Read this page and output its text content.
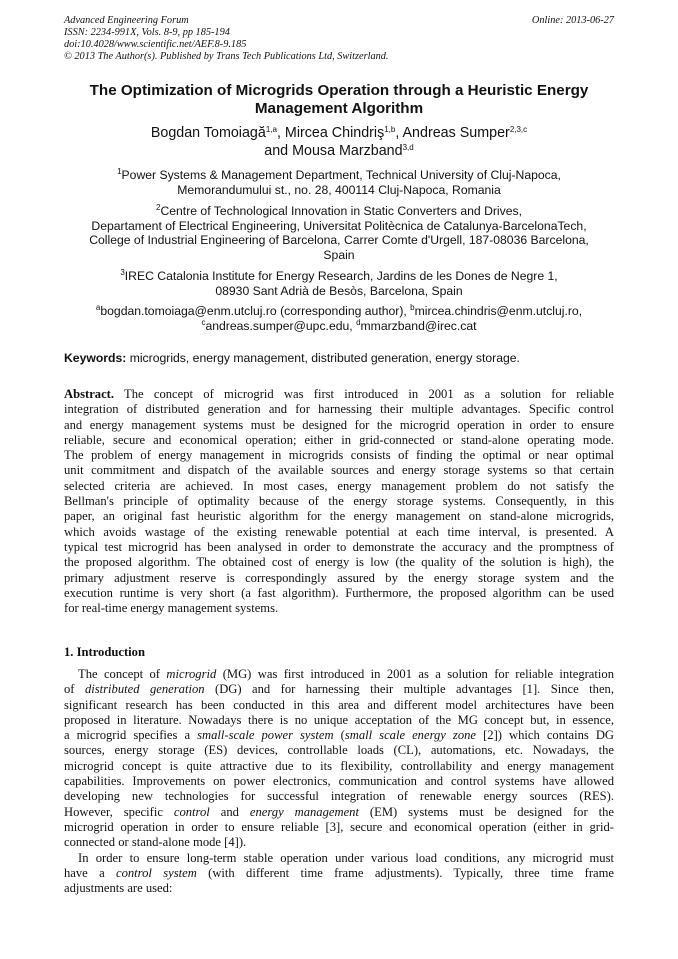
Advanced Engineering Forum
ISSN: 2234-991X, Vols. 8-9, pp 185-194
doi:10.4028/www.scientific.net/AEF.8-9.185
© 2013 The Author(s). Published by Trans Tech Publications Ltd, Switzerland.
Online: 2013-06-27
The Optimization of Microgrids Operation through a Heuristic Energy
Management Algorithm
Bogdan Tomoiagă$^{1,a}$, Mircea Chindriş$^{1,b}$, Andreas Sumper$^{2,3,c}$
and Mousa Marzband$^{3,d}$
$^1$Power Systems & Management Department, Technical University of Cluj-Napoca,
Memorandumului st., no. 28, 400114 Cluj-Napoca, Romania
$^2$Centre of Technological Innovation in Static Converters and Drives,
Departament of Electrical Engineering, Universitat Politècnica de Catalunya-BarcelonaTech,
College of Industrial Engineering of Barcelona, Carrer Comte d'Urgell, 187-08036 Barcelona,
Spain
$^3$IREC Catalonia Institute for Energy Research, Jardins de les Dones de Negre 1,
08930 Sant Adrià de Besòs, Barcelona, Spain
$^a$bogdan.tomoiaga@enm.utcluj.ro (corresponding author), $^b$mircea.chindris@enm.utcluj.ro,
$^c$andreas.sumper@upc.edu, $^d$mmarzband@irec.cat
Keywords: microgrids, energy management, distributed generation, energy storage.
Abstract. The concept of microgrid was first introduced in 2001 as a solution for reliable
integration of distributed generation and for harnessing their multiple advantages. Specific control
and energy management systems must be designed for the microgrid operation in order to ensure
reliable, secure and economical operation; either in grid-connected or stand-alone operating mode.
The problem of energy management in microgrids consists of finding the optimal or near optimal
unit commitment and dispatch of the available sources and energy storage systems so that certain
selected criteria are achieved. In most cases, energy management problem do not satisfy the
Bellman's principle of optimality because of the energy storage systems. Consequently, in this
paper, an original fast heuristic algorithm for the energy management on stand-alone microgrids,
which avoids wastage of the existing renewable potential at each time interval, is presented. A
typical test microgrid has been analysed in order to demonstrate the accuracy and the promptness of
the proposed algorithm. The obtained cost of energy is low (the quality of the solution is high), the
primary adjustment reserve is correspondingly assured by the energy storage system and the
execution runtime is very short (a fast algorithm). Furthermore, the proposed algorithm can be used
for real-time energy management systems.
1. Introduction
The concept of microgrid (MG) was first introduced in 2001 as a solution for reliable integration
of distributed generation (DG) and for harnessing their multiple advantages [1]. Since then,
significant research has been conducted in this area and different model architectures have been
proposed in literature. Nowadays there is no unique acceptation of the MG concept but, in essence,
a microgrid specifies a small-scale power system (small scale energy zone [2]) which contains DG
sources, energy storage (ES) devices, controllable loads (CL), automations, etc. Nowadays, the
microgrid concept is quite attractive due to its flexibility, controllability and energy management
capabilities. Improvements on power electronics, communication and control systems have allowed
developing new technologies for successful integration of renewable energy sources (RES).
However, specific control and energy management (EM) systems must be designed for the
microgrid operation in order to ensure reliable [3], secure and economical operation (either in grid-
connected or stand-alone mode [4]).
In order to ensure long-term stable operation under various load conditions, any microgrid must
have a control system (with different time frame adjustments). Typically, three time frame
adjustments are used:
